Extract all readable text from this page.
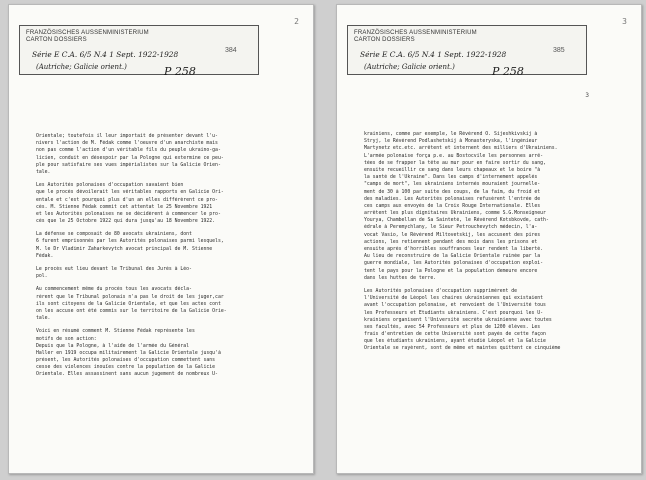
2
FRANZÖSISCHES AUSSENMINISTERIUM
CARTON DOSSIERS
Série E C.A. 6/5 N.4 1 Sept. 1922-1928
(Autriche; Galicie orient.)
384
P 258
Orientale; toutefois il leur importait de présenter devant l'u-
nivers l'action de M. Fédak comme l'oeuvre d'un anarchiste mais
non pas comme l'action d'un véritable fils du peuple ukraino-ga-
licien, conduit en désespoir par la Pologne qui extermine ce peu-
ple pour satisfaire ses vues impérialistes sur la Galicie Orien-
tale.
Les Autorités polonaises d'occupation savaient bien
que le procès dévoilerait les véritables rapports en Galicie Ori-
entale et c'est pourquoi plus d'un an elles différèrent ce pro-
cès. M. Stienne Fédak commit cet attentat le 25 Novembre 1921
et les Autorités polonaises ne se décidèrent à commencer le pro-
cès que le 25 Octobre 1922 qui dura jusqu'au 18 Novembre 1922.
La défense se composait de 80 avocats ukrainiens, dont
6 furent emprisonnés par les Autorités polonaises parmi lesquels,
M. le Dr Vladimir Zaharkevytch avocat principal de M. Stienne
Fédak.
Le procès eut lieu devant le Tribunal des Jurés à Léo-
pol.
Au commencement même du procès tous les avocats décla-
rèrent que le Tribunal polonais n'a pas le droit de les juger,car
ils sont citoyens de la Galicie Orientale, et que les actes cont
on les accuse ont été commis sur le territoire de la Galicie Orie-
tale.
Voici en résumé comment M. Stienne Fédak reprèsente les
motifs de son action:
Depuis que la Pologne, à l'aide de l'armée du Général
Haller en 1919 occupa militairement la Galicie Orientale jusqu'à
présent, les Autorités polonaises d'occupation commettent sans
cesse des violences inouïes contre la population de la Galicie
Orientale. Elles assassinent sans aucun jugement de nombreux U-
3
FRANZÖSISCHES AUSSENMINISTERIUM
CARTON DOSSIERS
Série E C.A. 6/5 N.4 1 Sept. 1922-1928
(Autriche; Galicie orient.)
385
P 258
3
krainiens, comme par exemple, le Révérend O. Sijeshkivskij à
Stryj, le Révérend Podlashetskij à Monasteryska, l'ingénieur
Martynetz etc.etc. arrêtent et internent des milliers d'Ukrainiens.
L'armée polonaise força p.e. au Bostocvile les personnes arrê-
tées de se frapper la tête au mur pour en faire sortir du sang,
ensuite recueillir ce sang dans leurs chapeaux et le boire "à
la santé de l'Ukraine". Dans les camps d'internement appelés
"camps de mort", les ukrainiens internés mouraient journelle-
ment de 30 à 100 par suite des coups, de la faim, du froid et
des maladies. Les Autorités polonaises refusèrent l'entrée de
ces camps aux envoyés de la Croix Rouge Internationale. Elles
arrêtent les plus dignitaires Ukrainiens, comme S.G.Monseigneur
Yourya, Chambellan de Sa Sainteté, le Révérend Kotsbkovde, cath-
édrale à Peremychlany, le Sieur Petrouchevytch médecin, l'a-
vocat Vasio, le Révérend Miltovetskij, les accusent des pires
actions, les retiennent pendant des mois dans les prisons et
ensuite après d'horribles souffrances leur rendent la liberté.
Au lieu de reconstruire de la Galicie Orientale ruinée par la
guerre mondiale, les Autorités polonaises d'occupation exploi-
tent le pays pour la Pologne et la population demeure encore
dans les huttes de terre.
Les Autorités polonaises d'occupation supprimèrent de
l'Université de Léopol les chaires ukrainiennes qui existaient
avant l'occupation polonaise, et renvoient de l'Université tous
les Professeurs et Etudiants ukrainiens. C'est pourquoi les U-
krainiens organisent l'Université secrète ukrainienne avec toutes
ses facultés, avec 54 Professeurs et plus de 1200 élèves. Les
frais d'entretien de cette Université sont payés de cette façon
que les étudiants ukrainiens, ayant étudié Léopol et la Galicie
Orientale se rayèrent, sont de même et maintes quittent ce cinquième
